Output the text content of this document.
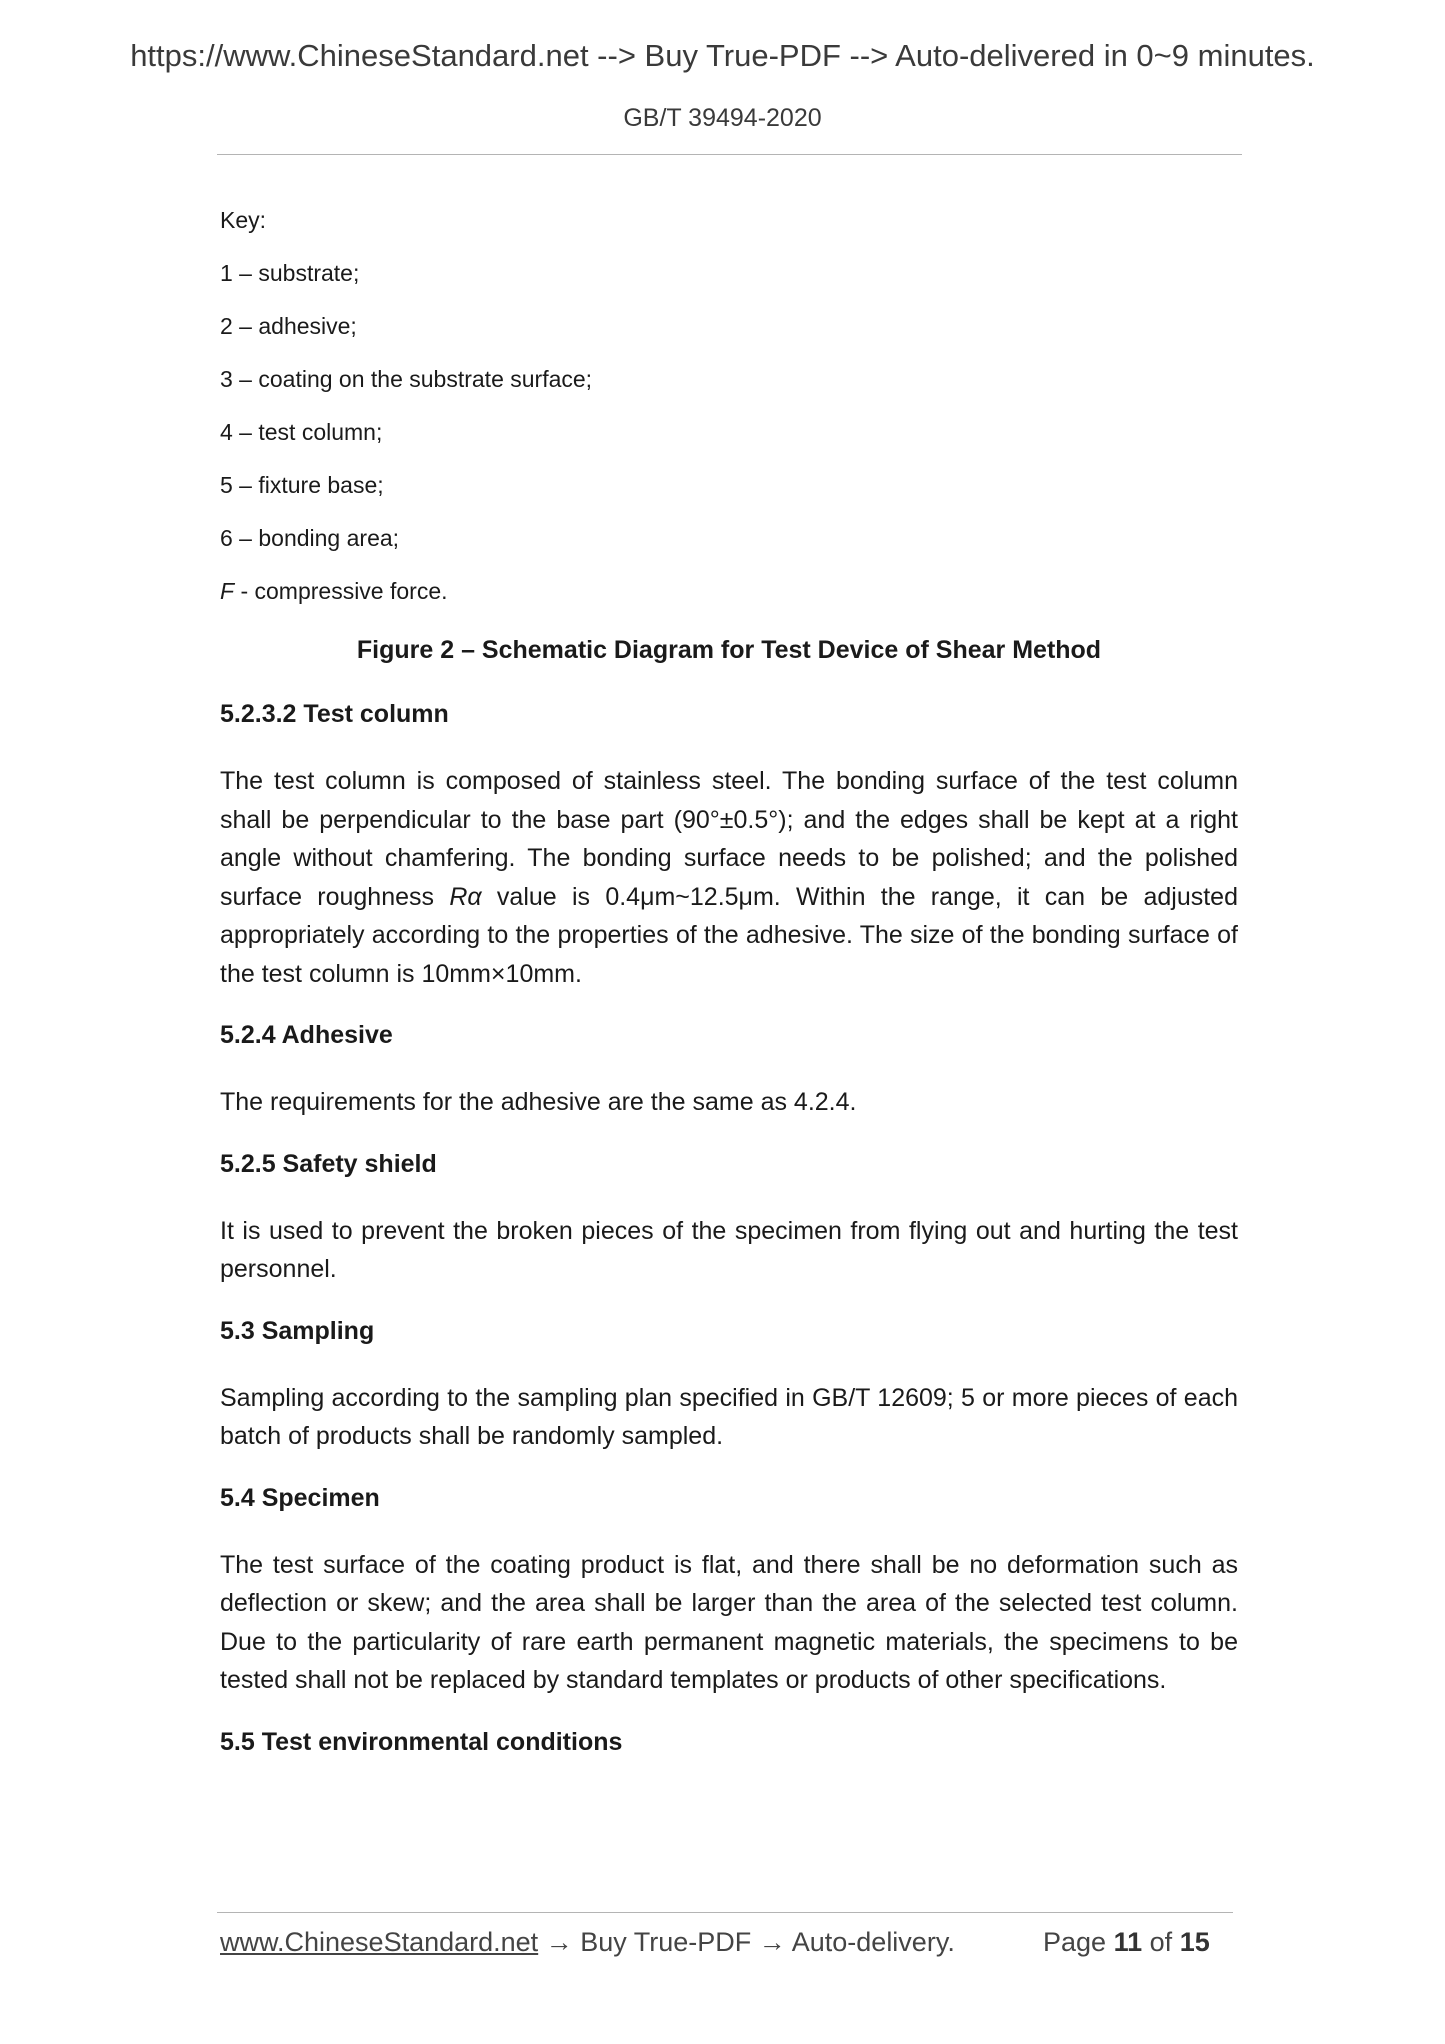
https://www.ChineseStandard.net --> Buy True-PDF --> Auto-delivered in 0~9 minutes.
GB/T 39494-2020
Key:
1 – substrate;
2 – adhesive;
3 – coating on the substrate surface;
4 – test column;
5 – fixture base;
6 – bonding area;
F - compressive force.
Figure 2 – Schematic Diagram for Test Device of Shear Method
5.2.3.2 Test column
The test column is composed of stainless steel. The bonding surface of the test column shall be perpendicular to the base part (90°±0.5°); and the edges shall be kept at a right angle without chamfering. The bonding surface needs to be polished; and the polished surface roughness Rα value is 0.4μm~12.5μm. Within the range, it can be adjusted appropriately according to the properties of the adhesive. The size of the bonding surface of the test column is 10mm×10mm.
5.2.4 Adhesive
The requirements for the adhesive are the same as 4.2.4.
5.2.5 Safety shield
It is used to prevent the broken pieces of the specimen from flying out and hurting the test personnel.
5.3 Sampling
Sampling according to the sampling plan specified in GB/T 12609; 5 or more pieces of each batch of products shall be randomly sampled.
5.4 Specimen
The test surface of the coating product is flat, and there shall be no deformation such as deflection or skew; and the area shall be larger than the area of the selected test column. Due to the particularity of rare earth permanent magnetic materials, the specimens to be tested shall not be replaced by standard templates or products of other specifications.
5.5 Test environmental conditions
www.ChineseStandard.net → Buy True-PDF → Auto-delivery.	Page 11 of 15
